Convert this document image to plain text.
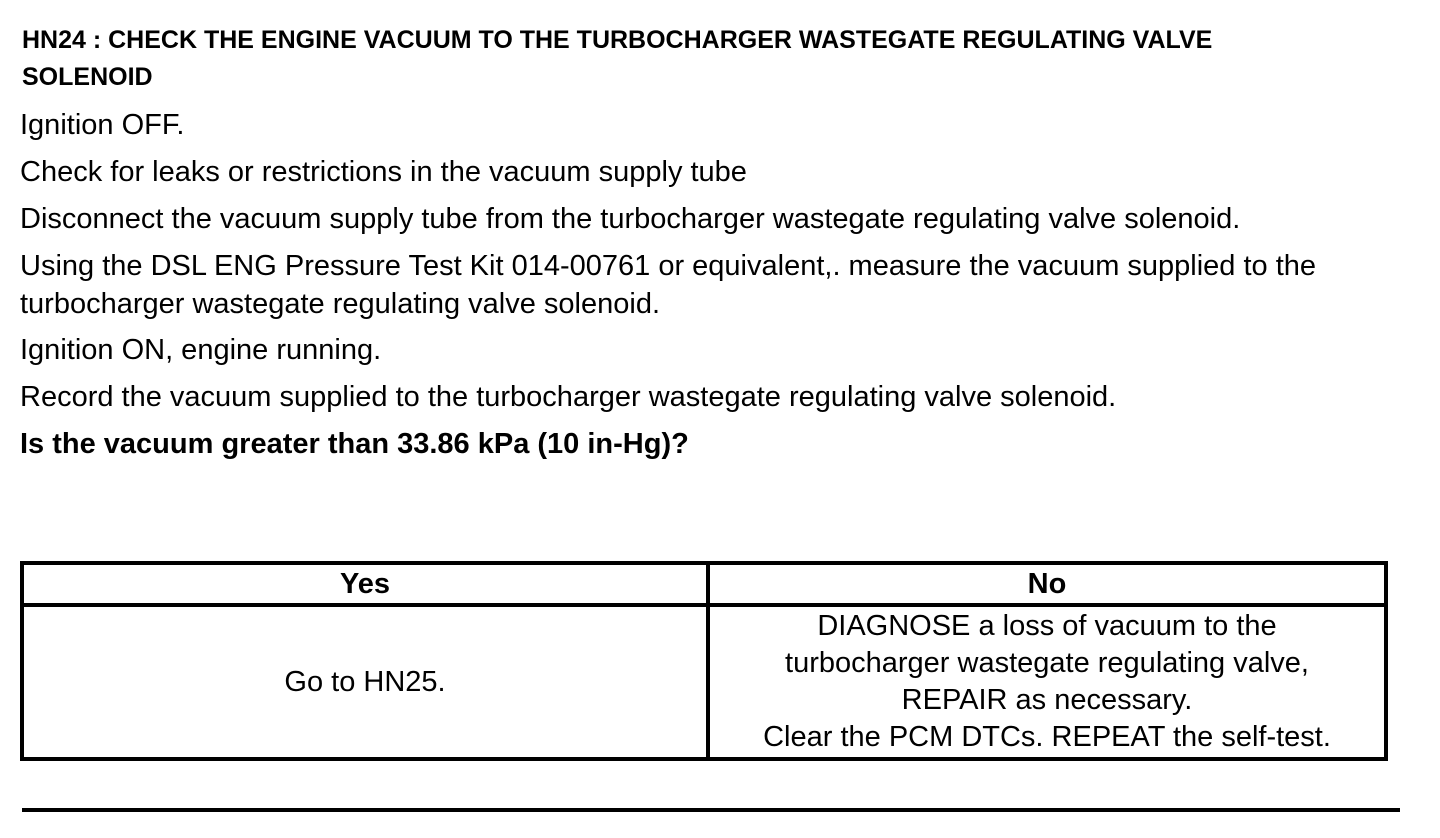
HN24 : CHECK THE ENGINE VACUUM TO THE TURBOCHARGER WASTEGATE REGULATING VALVE
SOLENOID

Ignition OFF.

Check for leaks or restrictions in the vacuum supply tube

Disconnect the vacuum supply tube from the turbocharger wastegate regulating valve solenoid.

Using the DSL ENG Pressure Test Kit 014-00761 or equivalent,. measure the vacuum supplied to the turbocharger wastegate regulating valve solenoid.

Ignition ON, engine running.

Record the vacuum supplied to the turbocharger wastegate regulating valve solenoid.

Is the vacuum greater than 33.86 kPa (10 in-Hg)?

Yes	No
Go to HN25.	DIAGNOSE a loss of vacuum to the
turbocharger wastegate regulating valve,
REPAIR as necessary.
Clear the PCM DTCs. REPEAT the self-test.
